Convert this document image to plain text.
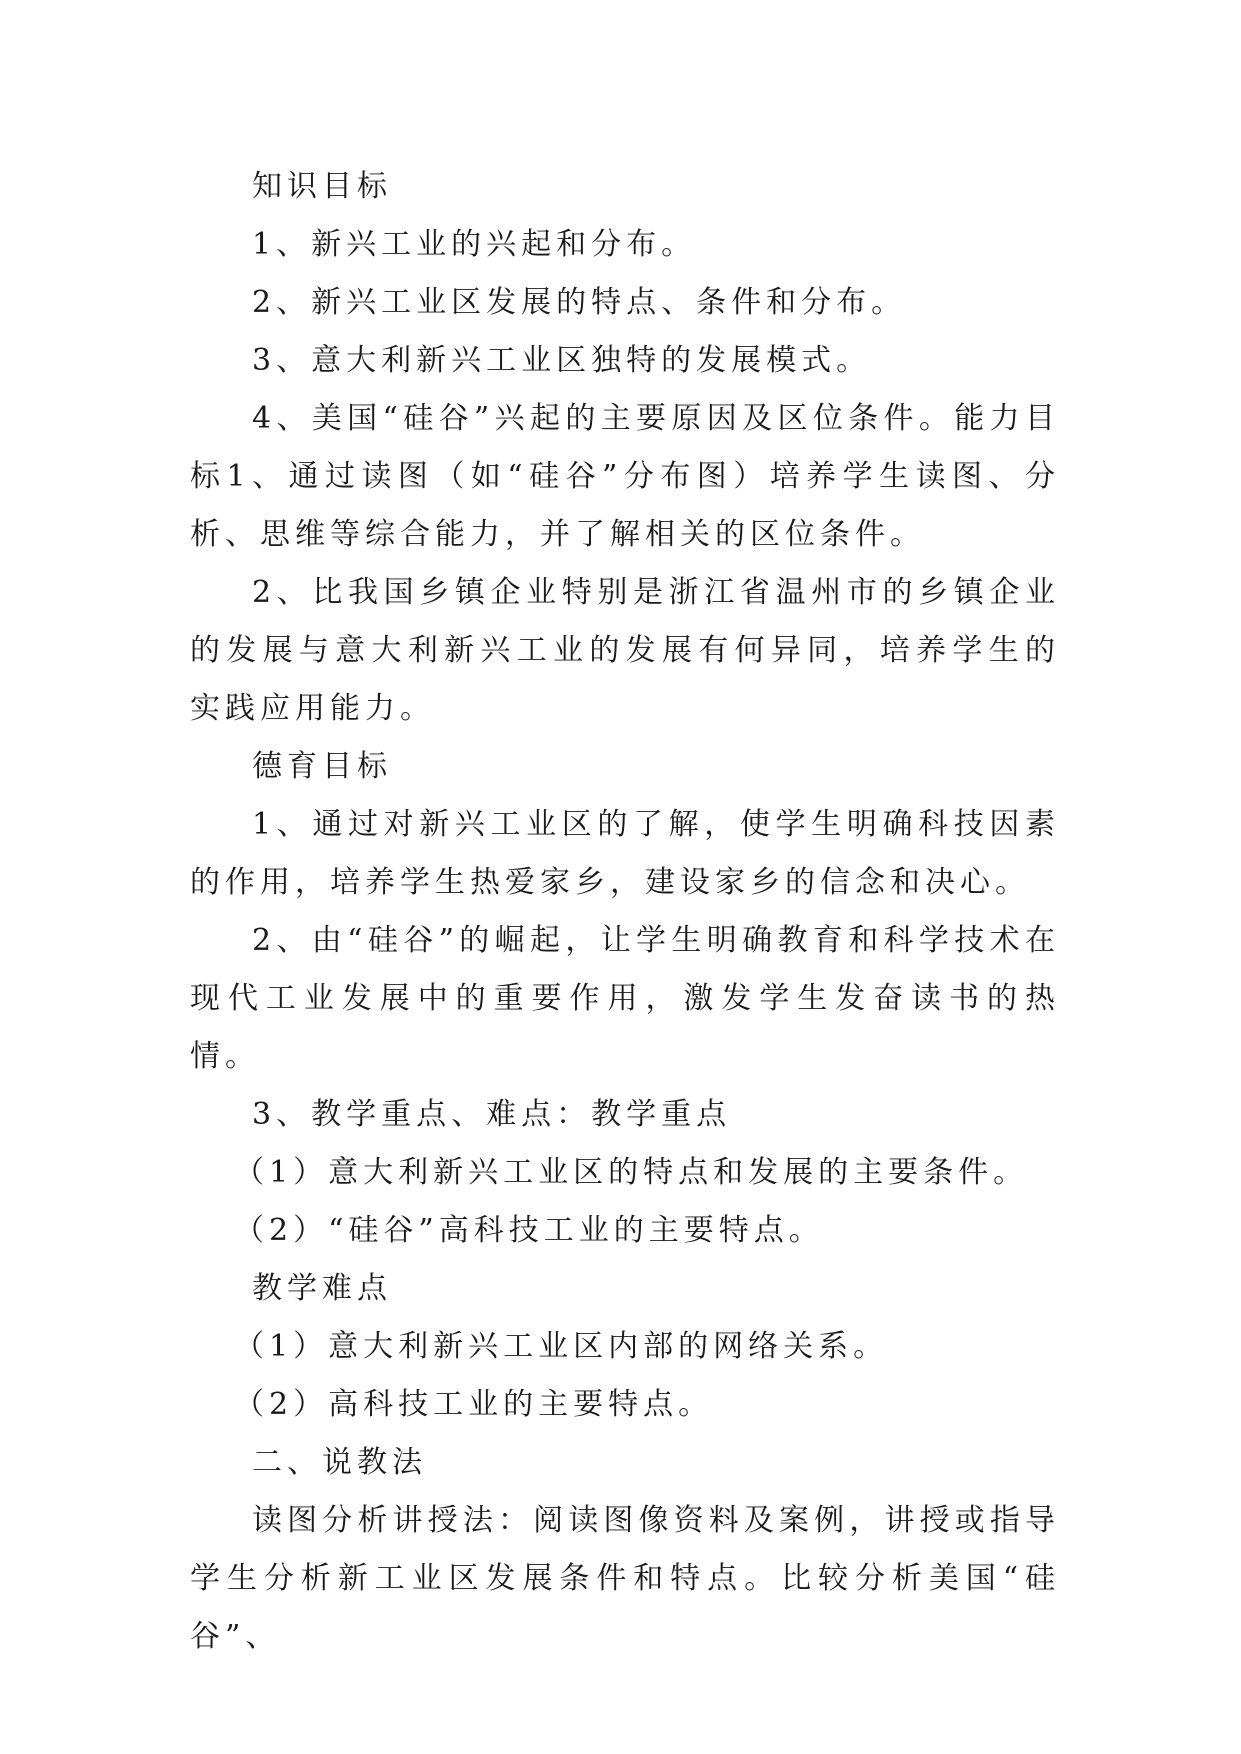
知识目标

1、新兴工业的兴起和分布。

2、新兴工业区发展的特点、条件和分布。

3、意大利新兴工业区独特的发展模式。

4、美国“硅谷”兴起的主要原因及区位条件。能力目标1、通过读图（如“硅谷”分布图）培养学生读图、分析、思维等综合能力，并了解相关的区位条件。

2、比我国乡镇企业特别是浙江省温州市的乡镇企业的发展与意大利新兴工业的发展有何异同，培养学生的实践应用能力。

德育目标

1、通过对新兴工业区的了解，使学生明确科技因素的作用，培养学生热爱家乡，建设家乡的信念和决心。

2、由“硅谷”的崛起，让学生明确教育和科学技术在现代工业发展中的重要作用，激发学生发奋读书的热情。

3、教学重点、难点：教学重点

（1）意大利新兴工业区的特点和发展的主要条件。

（2）“硅谷”高科技工业的主要特点。

教学难点

（1）意大利新兴工业区内部的网络关系。

（2）高科技工业的主要特点。

二、说教法

读图分析讲授法：阅读图像资料及案例，讲授或指导学生分析新工业区发展条件和特点。比较分析美国“硅谷”、
